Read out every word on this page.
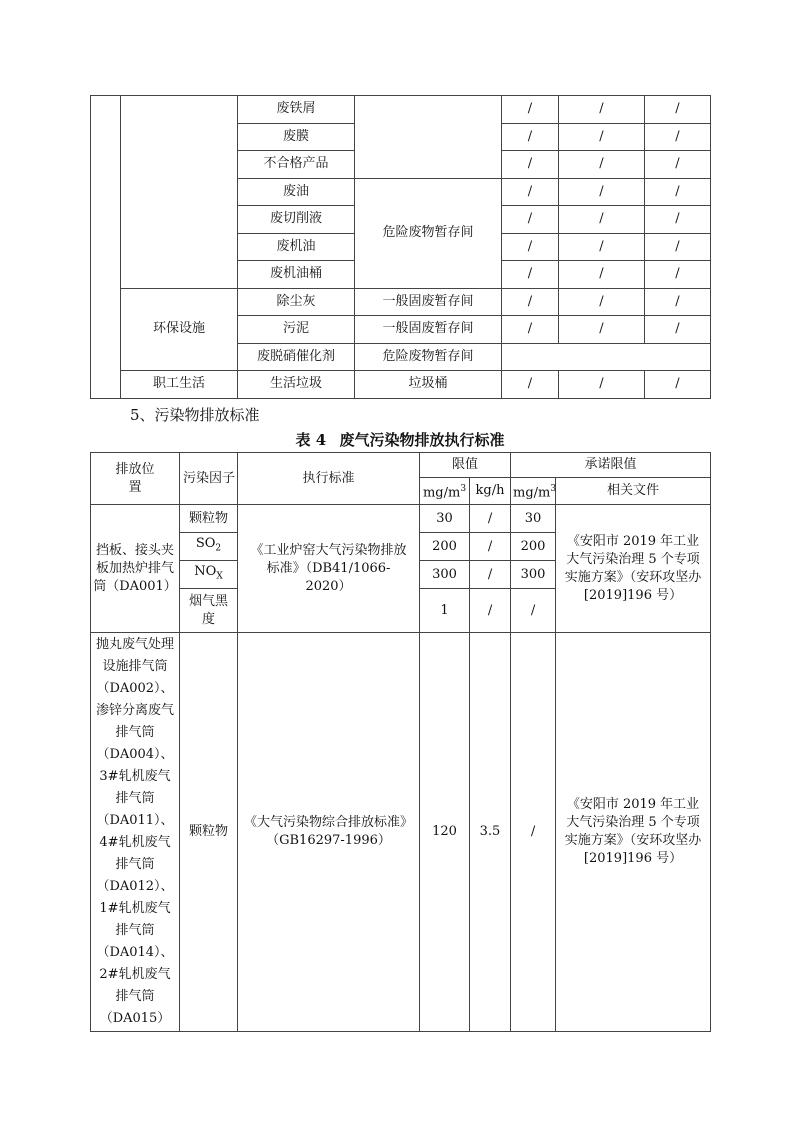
		废铁屑		/	/	/
		废膜		/	/	/
		不合格产品		/	/	/
		废油	危险废物暂存间	/	/	/
		废切削液		/	/	/
		废机油		/	/	/
		废机油桶		/	/	/
	环保设施	除尘灰	一般固废暂存间	/	/	/
		污泥	一般固废暂存间	/	/	/
		废脱硝催化剂	危险废物暂存间			
	职工生活	生活垃圾	垃圾桶	/	/	/
5、污染物排放标准
表 4 废气污染物排放执行标准
排放位置	污染因子	执行标准	限值		承诺限值	
			$mg/m^3$	kg/h	$mg/m^3$	相关文件
挡板、接头夹板加热炉排气筒（DA001）	颗粒物	《工业炉窑大气污染物排放标准》（DB41/1066-2020）	30	/	30	《安阳市 2019 年工业大气污染治理 5 个专项实施方案》（安环攻坚办[2019]196 号）
	$SO_2$		200	/	200	
	$NO_X$		300	/	300	
	烟气黑度		1	/	/	
抛丸废气处理设施排气筒（DA002）、渗锌分离废气排气筒（DA004）、3#轧机废气排气筒（DA011）、4#轧机废气排气筒（DA012）、1#轧机废气排气筒（DA014）、2#轧机废气排气筒（DA015）	颗粒物	《大气污染物综合排放标准》（GB16297-1996）	120	3.5	/	《安阳市 2019 年工业大气污染治理 5 个专项实施方案》（安环攻坚办[2019]196 号）
